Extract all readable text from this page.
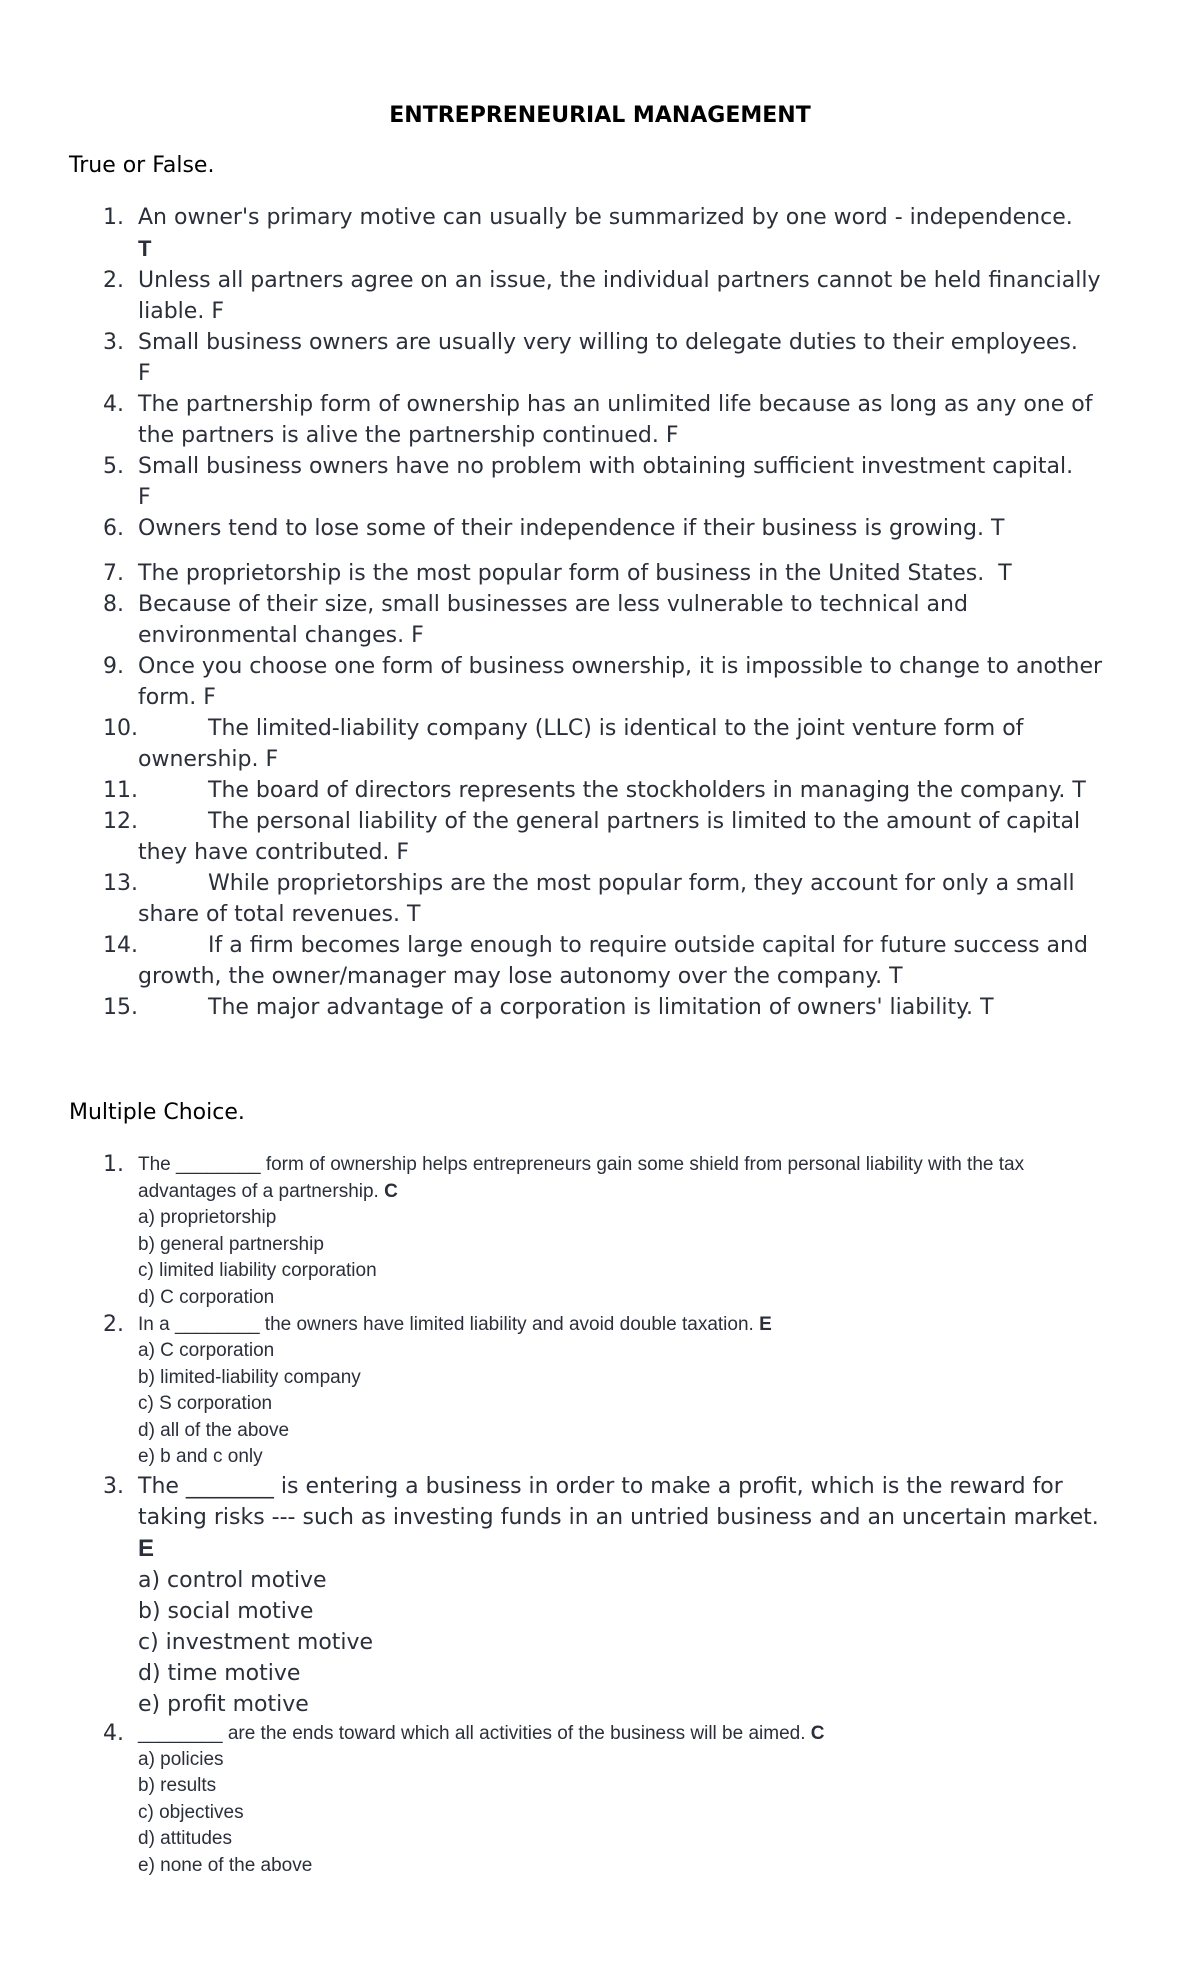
ENTREPRENEURIAL MANAGEMENT

True or False.

1. An owner's primary motive can usually be summarized by one word - independence.
T
2. Unless all partners agree on an issue, the individual partners cannot be held financially liable. F
3. Small business owners are usually very willing to delegate duties to their employees.
F
4. The partnership form of ownership has an unlimited life because as long as any one of the partners is alive the partnership continued. F
5. Small business owners have no problem with obtaining sufficient investment capital.
F
6. Owners tend to lose some of their independence if their business is growing. T
7. The proprietorship is the most popular form of business in the United States. T
8. Because of their size, small businesses are less vulnerable to technical and environmental changes. F
9. Once you choose one form of business ownership, it is impossible to change to another form. F
10.	The limited-liability company (LLC) is identical to the joint venture form of ownership. F
11.	The board of directors represents the stockholders in managing the company. T
12.	The personal liability of the general partners is limited to the amount of capital they have contributed. F
13.	While proprietorships are the most popular form, they account for only a small share of total revenues. T
14.	If a firm becomes large enough to require outside capital for future success and growth, the owner/manager may lose autonomy over the company. T
15.	The major advantage of a corporation is limitation of owners' liability. T

Multiple Choice.

1. The ________ form of ownership helps entrepreneurs gain some shield from personal liability with the tax advantages of a partnership. C
a) proprietorship
b) general partnership
c) limited liability corporation
d) C corporation
2. In a ________ the owners have limited liability and avoid double taxation. E
a) C corporation
b) limited-liability company
c) S corporation
d) all of the above
e) b and c only
3. The ________ is entering a business in order to make a profit, which is the reward for taking risks --- such as investing funds in an untried business and an uncertain market. E
a) control motive
b) social motive
c) investment motive
d) time motive
e) profit motive
4. ________ are the ends toward which all activities of the business will be aimed. C
a) policies
b) results
c) objectives
d) attitudes
e) none of the above
